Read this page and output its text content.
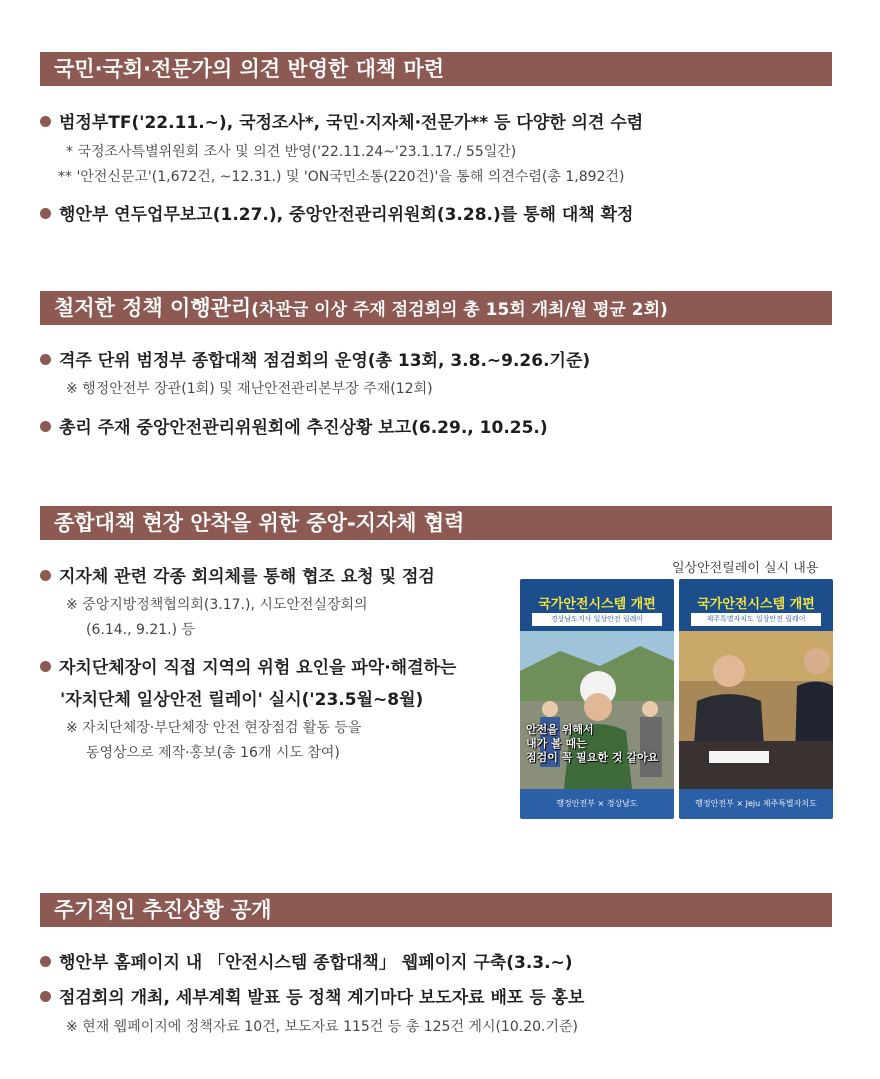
국민·국회·전문가의 의견 반영한 대책 마련
범정부TF('22.11.~), 국정조사*, 국민·지자체·전문가** 등 다양한 의견 수렴
* 국정조사특별위원회 조사 및 의견 반영('22.11.24~'23.1.17./ 55일간)
** '안전신문고'(1,672건, ~12.31.) 및 'ON국민소통(220건)'을 통해 의견수렴(총 1,892건)
행안부 연두업무보고(1.27.), 중앙안전관리위원회(3.28.)를 통해 대책 확정
철저한 정책 이행관리(차관급 이상 주재 점검회의 총 15회 개최/월 평균 2회)
격주 단위 범정부 종합대책 점검회의 운영(총 13회, 3.8.~9.26.기준)
※ 행정안전부 장관(1회) 및 재난안전관리본부장 주재(12회)
총리 주재 중앙안전관리위원회에 추진상황 보고(6.29., 10.25.)
종합대책 현장 안착을 위한 중앙-지자체 협력
지자체 관련 각종 회의체를 통해 협조 요청 및 점검
※ 중앙지방정책협의회(3.17.), 시도안전실장회의
(6.14., 9.21.) 등
자치단체장이 직접 지역의 위험 요인을 파악·해결하는
'자치단체 일상안전 릴레이' 실시('23.5월~8월)
※ 자치단체장·부단체장 안전 현장점검 활동 등을
동영상으로 제작·홍보(총 16개 시도 참여)
일상안전릴레이 실시 내용
국가안전시스템 개편
경상남도지사 일상안전 릴레이
안전을 위해서
내가 볼 때는
점검이 꼭 필요한 것 같아요
행정안전부 × 경상남도
국가안전시스템 개편
제주특별자치도 일상안전 릴레이
행정안전부 × Jeju 제주특별자치도
주기적인 추진상황 공개
행안부 홈페이지 내 「안전시스템 종합대책」 웹페이지 구축(3.3.~)
점검회의 개최, 세부계획 발표 등 정책 계기마다 보도자료 배포 등 홍보
※ 현재 웹페이지에 정책자료 10건, 보도자료 115건 등 총 125건 게시(10.20.기준)
